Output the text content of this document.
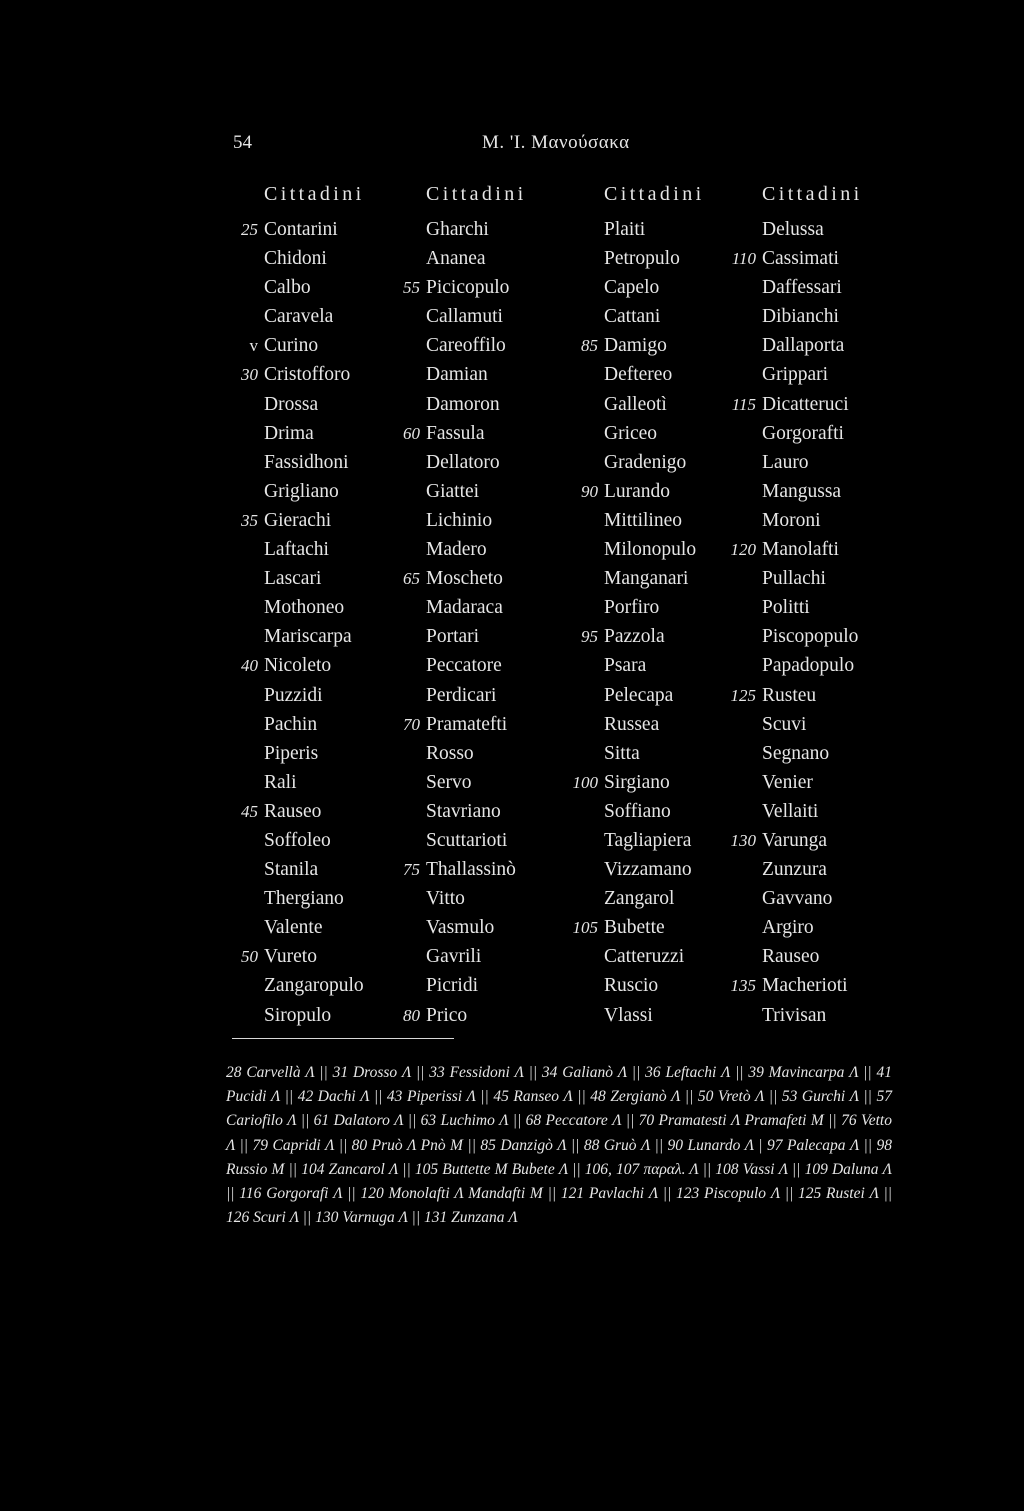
54	M. 'I. Μανούσακα
Cittadini	Cittadini	Cittadini	Cittadini
25 Contarini	Gharchi	Plaiti	Delussa
Chidoni	Ananea	Petropulo	110 Cassimati
Calbo	55 Picicopulo	Capelo	Daffessari
Caravela	Callamuti	Cattani	Dibianchi
v Curino	Careoffilo	85 Damigo	Dallaporta
30 Cristofforo	Damian	Deftereo	Grippari
Drossa	Damoron	Galleotì	115 Dicatteruci
Drima	60 Fassula	Griceo	Gorgorafti
Fassidhoni	Dellatoro	Gradenigo	Lauro
Grigliano	Giattei	90 Lurando	Mangussa
35 Gierachi	Lichinio	Mittilineo	Moroni
Laftachi	Madero	Milonopulo	120 Manolafti
Lascari	65 Moscheto	Manganari	Pullachi
Mothoneo	Madaraca	Porfiro	Politti
Mariscarpa	Portari	95 Pazzola	Piscopopulo
40 Nicoleto	Peccatore	Psara	Papadopulo
Puzzidi	Perdicari	Pelecapa	125 Rusteu
Pachin	70 Pramatefti	Russea	Scuvi
Piperis	Rosso	Sitta	Segnano
Rali	Servo	100 Sirgiano	Venier
45 Rauseo	Stavriano	Soffiano	Vellaiti
Soffoleo	Scuttarioti	Tagliapiera	130 Varunga
Stanila	75 Thallassinò	Vizzamano	Zunzura
Thergiano	Vitto	Zangarol	Gavvano
Valente	Vasmulo	105 Bubette	Argiro
50 Vureto	Gavrili	Catteruzzi	Rauseo
Zangaropulo	Picridi	Ruscio	135 Macherioti
Siropulo	80 Prico	Vlassi	Trivisan
28 Carvellà Λ || 31 Drosso Λ || 33 Fessidoni Λ || 34 Galianò Λ || 36 Leftachi Λ || 39 Mavincarpa Λ || 41 Pucidi Λ || 42 Dachi Λ || 43 Piperissi Λ || 45 Ranseo Λ || 48 Zergianò Λ || 50 Vretò Λ || 53 Gurchi Λ || 57 Cariofilo Λ || 61 Dalatoro Λ || 63 Luchimo Λ || 68 Peccatore Λ || 70 Pramatesti Λ Pramafeti Μ || 76 Vetto Λ || 79 Capridi Λ || 80 Pruò Λ Pnò Μ || 85 Danzigò Λ || 88 Gruò Λ || 90 Lunardo Λ | 97 Palecapa Λ || 98 Russio Μ || 104 Zancarol Λ || 105 Buttette Μ Bubete Λ || 106, 107 παραλ. Λ || 108 Vassi Λ || 109 Daluna Λ || 116 Gorgorafi Λ || 120 Monolafti Λ Mandafti Μ || 121 Pavlachi Λ || 123 Piscopulo Λ || 125 Rustei Λ || 126 Scuri Λ || 130 Varnuga Λ || 131 Zunzana Λ
